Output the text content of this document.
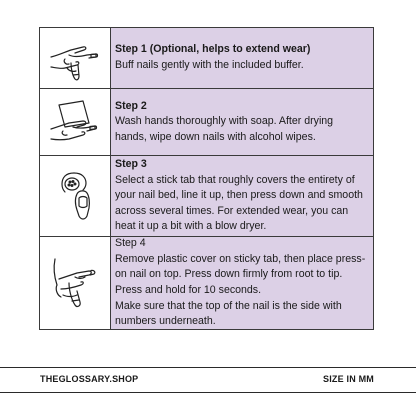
Step 1 (Optional, helps to extend wear)
Buff nails gently with the included buffer.
Step 2
Wash hands thoroughly with soap. After drying hands, wipe down nails with alcohol wipes.
Step 3
Select a stick tab that roughly covers the entirety of your nail bed, line it up, then press down and smooth across several times. For extended wear, you can heat it up a bit with a blow dryer.
Step 4
Remove plastic cover on sticky tab, then place press-on nail on top. Press down firmly from root to tip.
Press and hold for 10 seconds.
Make sure that the top of the nail is the side with numbers underneath.
THEGLOSSARY.SHOP	SIZE IN MM
